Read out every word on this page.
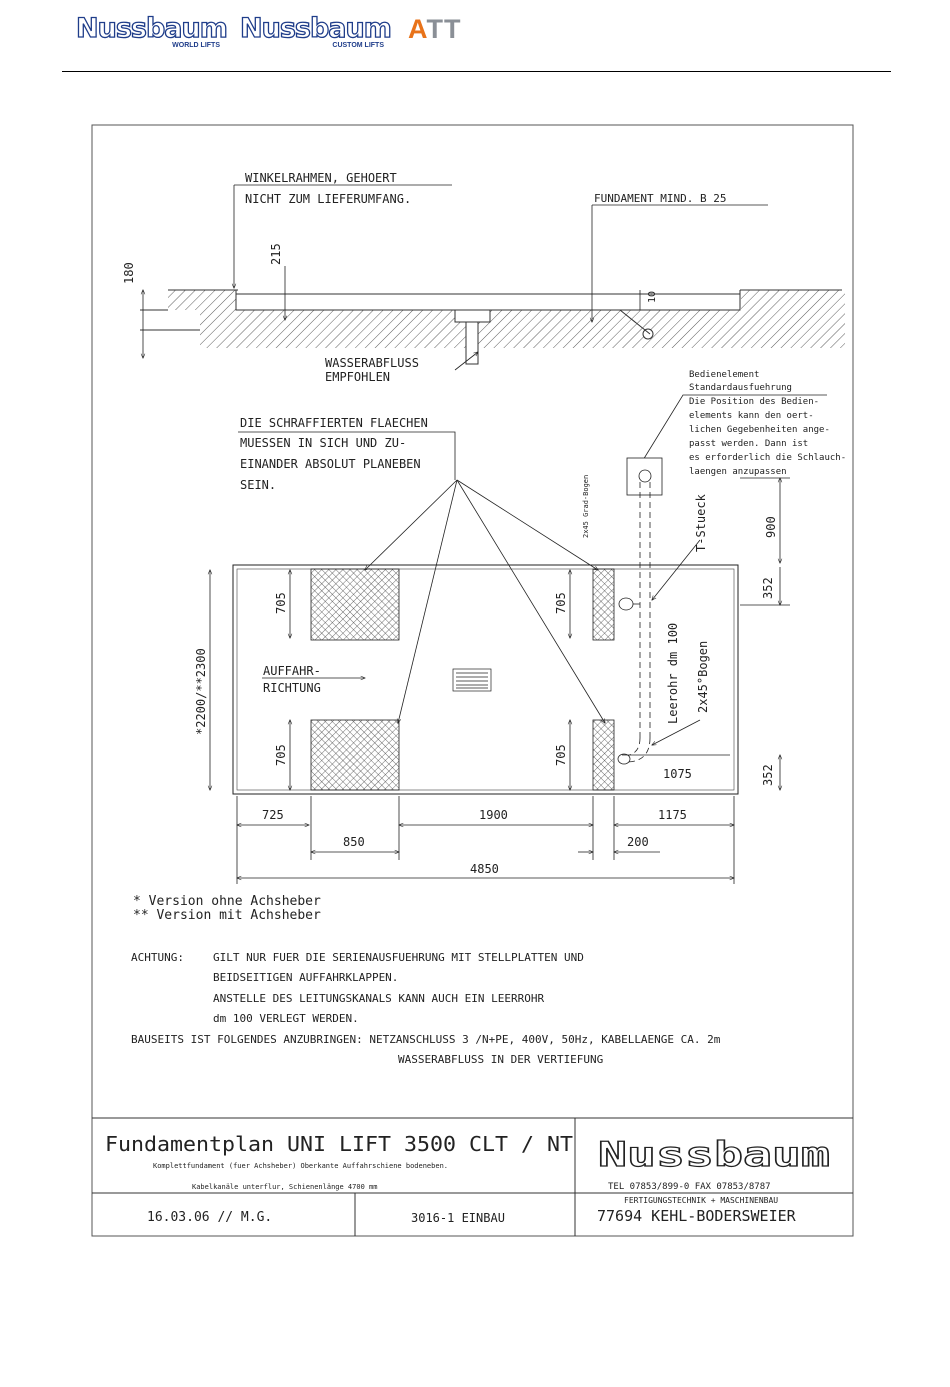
Nussbaum
WORLD LIFTS
Nussbaum
CUSTOM LIFTS
ATT
180
215
10
WINKELRAHMEN, GEHOERT
NICHT ZUM LIEFERUMFANG.	FUNDAMENT MIND. B 25
WASSERABFLUSS
EMPFOHLEN
DIE SCHRAFFIERTEN FLAECHEN
MUESSEN IN SICH UND ZU-
EINANDER ABSOLUT PLANEBEN
SEIN.
Bedienelement
Standardausfuehrung
Die Position des Bedien-
elements kann den oert-
lichen Gegebenheiten ange-
passt werden. Dann ist
es erforderlich die Schlauch-
laengen anzupassen
AUFFAHR-
RICHTUNG
2x45 Grad-Bogen	T-Stueck
Leerohr dm 100 2x45°Bogen
*2200/**2300
705	705
705	705
900
352
352
1075
725	1900	1175
850	200
4850
* Version ohne Achsheber
** Version mit Achsheber
ACHTUNG:	GILT NUR FUER DIE SERIENAUSFUEHRUNG MIT STELLPLATTEN UND
BEIDSEITIGEN AUFFAHRKLAPPEN.
ANSTELLE DES LEITUNGSKANALS KANN AUCH EIN LEERROHR
dm 100 VERLEGT WERDEN.
BAUSEITS IST FOLGENDES ANZUBRINGEN: NETZANSCHLUSS 3 /N+PE, 400V, 50Hz, KABELLAENGE CA. 2m
WASSERABFLUSS IN DER VERTIEFUNG
Fundamentplan UNI LIFT 3500 CLT / NT
Komplettfundament (fuer Achsheber) Oberkante Auffahrschiene bodeneben.
Kabelkanäle unterflur, Schienenlänge 4700 mm
16.03.06 // M.G.	3016-1 EINBAU
Nussbaum
TEL 07853/899-0 FAX 07853/8787
FERTIGUNGSTECHNIK + MASCHINENBAU
77694 KEHL-BODERSWEIER
